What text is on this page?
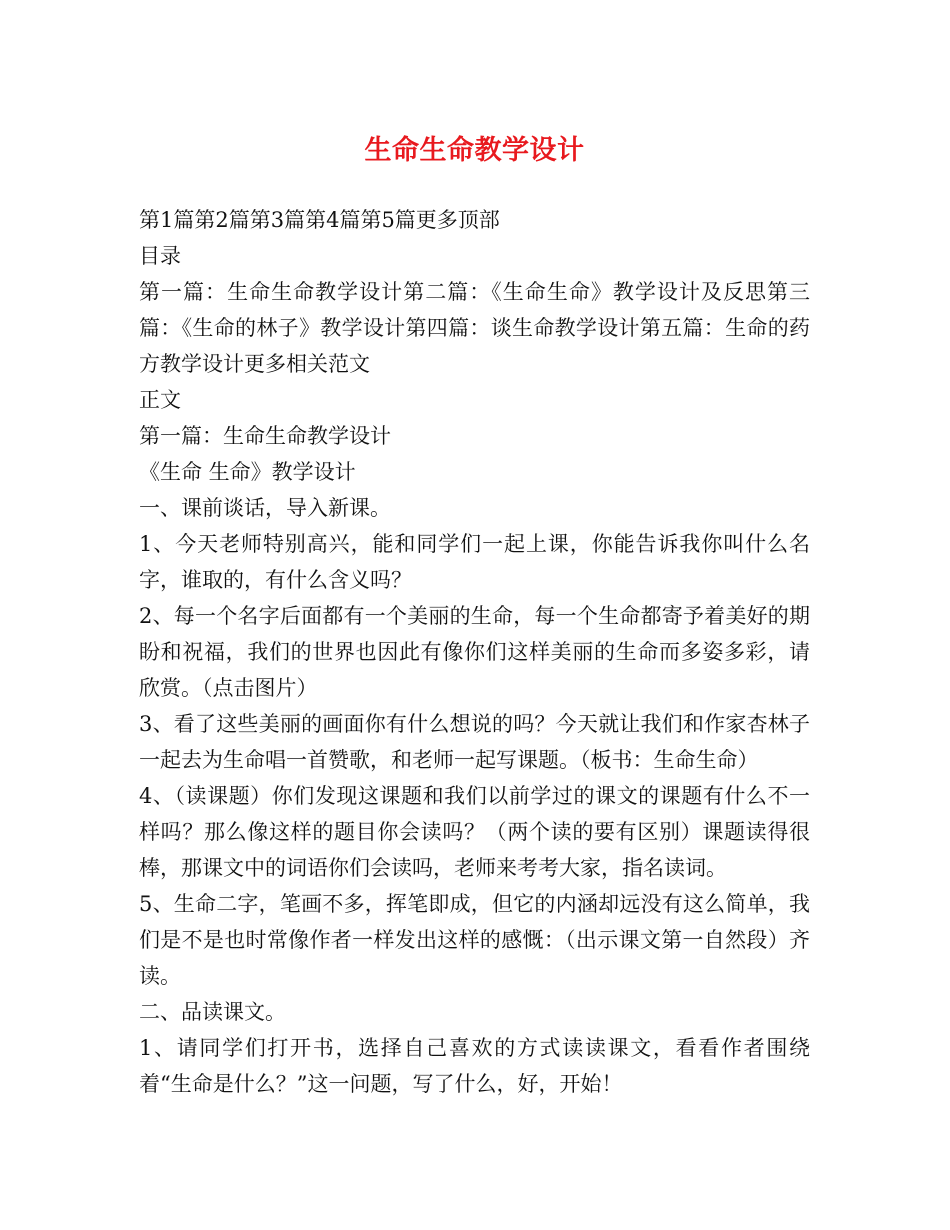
生命生命教学设计

第1篇第2篇第3篇第4篇第5篇更多顶部

目录

第一篇：生命生命教学设计第二篇：《生命生命》教学设计及反思第三篇：《生命的林子》教学设计第四篇：谈生命教学设计第五篇：生命的药方教学设计更多相关范文

正文

第一篇：生命生命教学设计

《生命 生命》教学设计

一、课前谈话，导入新课。

1、今天老师特别高兴，能和同学们一起上课，你能告诉我你叫什么名字，谁取的，有什么含义吗？

2、每一个名字后面都有一个美丽的生命，每一个生命都寄予着美好的期盼和祝福，我们的世界也因此有像你们这样美丽的生命而多姿多彩，请欣赏。（点击图片）

3、看了这些美丽的画面你有什么想说的吗？今天就让我们和作家杏林子一起去为生命唱一首赞歌，和老师一起写课题。（板书：生命生命）

4、（读课题）你们发现这课题和我们以前学过的课文的课题有什么不一样吗？那么像这样的题目你会读吗？（两个读的要有区别）课题读得很棒，那课文中的词语你们会读吗，老师来考考大家，指名读词。

5、生命二字，笔画不多，挥笔即成，但它的内涵却远没有这么简单，我们是不是也时常像作者一样发出这样的感慨：（出示课文第一自然段）齐读。

二、品读课文。

1、请同学们打开书，选择自己喜欢的方式读读课文，看看作者围绕着“生命是什么？”这一问题，写了什么，好，开始！
